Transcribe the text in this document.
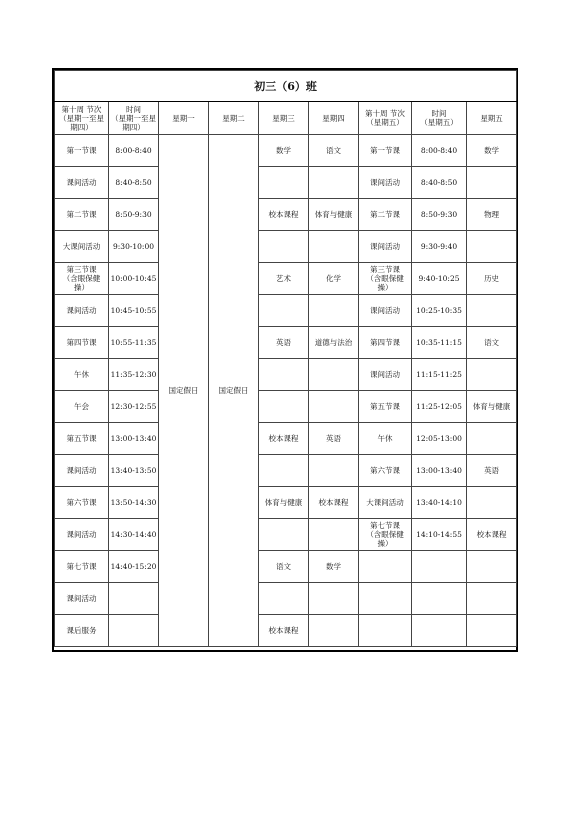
初三（6）班								
第十周 节次
（星期一至星
期四）	时间
（星期一至星
期四）	星期一	星期二	星期三	星期四	第十周 节次
（星期五）	时间
（星期五）	星期五
第一节课	8:00-8:40	国定假日	国定假日	数学	语文	第一节课	8:00-8:40	数学
课间活动	8:40-8:50					课间活动	8:40-8:50	
第二节课	8:50-9:30			校本课程	体育与健康	第二节课	8:50-9:30	物理
大课间活动	9:30-10:00					课间活动	9:30-9:40	
第三节课
（含眼保健
操）	10:00-10:45			艺术	化学	第三节课
（含眼保健
操）	9:40-10:25	历史
课间活动	10:45-10:55					课间活动	10:25-10:35	
第四节课	10:55-11:35			英语	道德与法治	第四节课	10:35-11:15	语文
午休	11:35-12:30					课间活动	11:15-11:25	
午会	12:30-12:55					第五节课	11:25-12:05	体育与健康
第五节课	13:00-13:40			校本课程	英语	午休	12:05-13:00	
课间活动	13:40-13:50					第六节课	13:00-13:40	英语
第六节课	13:50-14:30			体育与健康	校本课程	大课间活动	13:40-14:10	
课间活动	14:30-14:40					第七节课
（含眼保健
操）	14:10-14:55	校本课程
第七节课	14:40-15:20			语文	数学			
课间活动								
课后服务				校本课程				
